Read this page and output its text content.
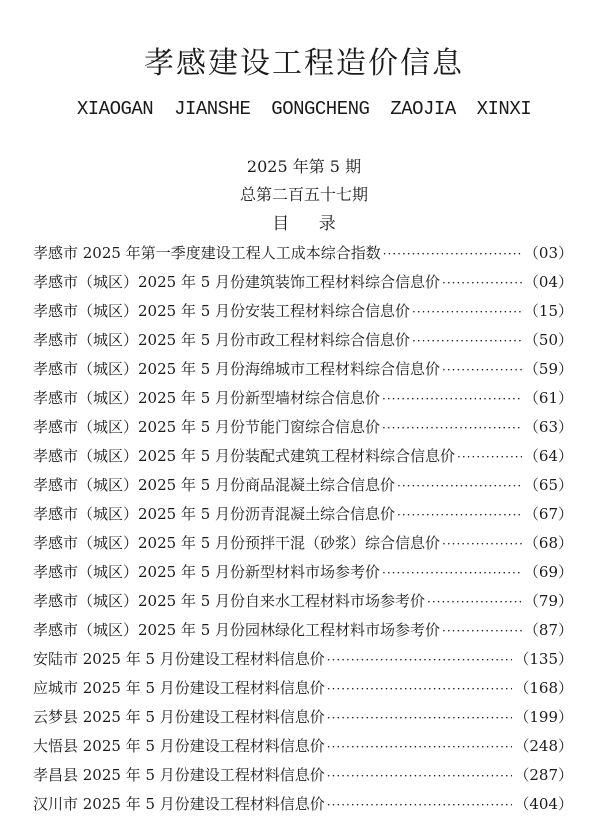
孝感建设工程造价信息
XIAOGAN JIANSHE GONGCHENG ZAOJIA XINXI
2025 年第 5 期
总第二百五十七期
目 录
孝感市 2025 年第一季度建设工程人工成本综合指数 ·····	（03）
孝感市（城区）2025 年 5 月份建筑装饰工程材料综合信息价 ·····	（04）
孝感市（城区）2025 年 5 月份安装工程材料综合信息价 ·····	（15）
孝感市（城区）2025 年 5 月份市政工程材料综合信息价 ·····	（50）
孝感市（城区）2025 年 5 月份海绵城市工程材料综合信息价 ·····	（59）
孝感市（城区）2025 年 5 月份新型墙材综合信息价 ·····	（61）
孝感市（城区）2025 年 5 月份节能门窗综合信息价 ·····	（63）
孝感市（城区）2025 年 5 月份装配式建筑工程材料综合信息价 ·····	（64）
孝感市（城区）2025 年 5 月份商品混凝土综合信息价 ·····	（65）
孝感市（城区）2025 年 5 月份沥青混凝土综合信息价 ·····	（67）
孝感市（城区）2025 年 5 月份预拌干混（砂浆）综合信息价 ·····	（68）
孝感市（城区）2025 年 5 月份新型材料市场参考价 ·····	（69）
孝感市（城区）2025 年 5 月份自来水工程材料市场参考价 ·····	（79）
孝感市（城区）2025 年 5 月份园林绿化工程材料市场参考价 ·····	（87）
安陆市 2025 年 5 月份建设工程材料信息价 ·····	（135）
应城市 2025 年 5 月份建设工程材料信息价 ·····	（168）
云梦县 2025 年 5 月份建设工程材料信息价 ·····	（199）
大悟县 2025 年 5 月份建设工程材料信息价 ·····	（248）
孝昌县 2025 年 5 月份建设工程材料信息价 ·····	（287）
汉川市 2025 年 5 月份建设工程材料信息价 ·····	（404）
